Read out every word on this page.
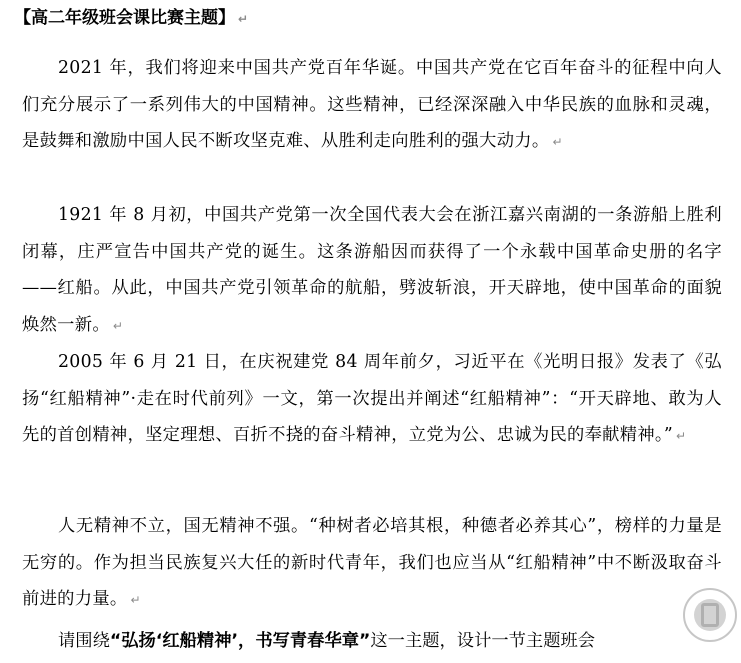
【高二年级班会课比赛主题】 ↵
2021 年，我们将迎来中国共产党百年华诞。中国共产党在它百年奋斗的征程中向人们充分展示了一系列伟大的中国精神。这些精神，已经深深融入中华民族的血脉和灵魂，是鼓舞和激励中国人民不断攻坚克难、从胜利走向胜利的强大动力。 ↵
1921 年 8 月初，中国共产党第一次全国代表大会在浙江嘉兴南湖的一条游船上胜利闭幕，庄严宣告中国共产党的诞生。这条游船因而获得了一个永载中国革命史册的名字——红船。从此，中国共产党引领革命的航船，劈波斩浪，开天辟地，使中国革命的面貌焕然一新。 ↵
2005 年 6 月 21 日，在庆祝建党 84 周年前夕，习近平在《光明日报》发表了《弘扬“红船精神”·走在时代前列》一文，第一次提出并阐述“红船精神”：“开天辟地、敢为人先的首创精神，坚定理想、百折不挠的奋斗精神，立党为公、忠诚为民的奉献精神。” ↵
人无精神不立，国无精神不强。“种树者必培其根，种德者必养其心”，榜样的力量是无穷的。作为担当民族复兴大任的新时代青年，我们也应当从“红船精神”中不断汲取奋斗前进的力量。 ↵
请围绕“弘扬‘红船精神’，书写青春华章”这一主题，设计一节主题班会
